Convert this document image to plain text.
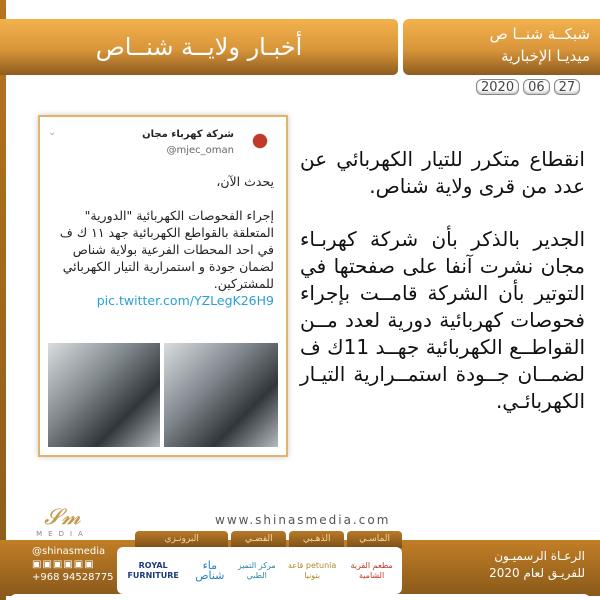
أخبـار ولايــة شنــاص	شبكــة شنــا ص
ميديـا الإخبارية
2020	06	27
شركة كهرباء مجان
@mjec_oman
⌄
يحدث الآن،

إجراء الفحوصات الكهربائية "الدورية" المتعلقة بالقواطع الكهربائية جهد ١١ ك ف في احد المحطات الفرعية بولاية شناص لضمان جودة و استمرارية التيار الكهربائي للمشتركين.
pic.twitter.com/YZLegK26H9

انقطاع متكرر للتيار الكهربائي عن عدد من قرى ولاية شناص.

الجدير بالذكر بأن شركة كهربـاء مجان نشرت آنفا على صفحتها في التوتير بأن الشركة قامــت بإجراء فحوصات كهربائية دورية لعدد مــن القواطــع الكهربائية جهــد 11ك ف لضمــان جــودة استمــرارية التيـار الكهربائـي.

𝓢𝓶
MEDIA
www.shinasmedia.com
الماسـي
الذهـبي
الفضـي
البرونـزي
مطعم القرية الشامية
petunia قاعة بتونيا
مركز التميز الطبي
ماء شناص
ROYAL FURNITURE
@shinasmedia
▣▣▣▣▣▣
+968 94528775
الرعـاة الرسميـون
للفريـق لعام 2020
